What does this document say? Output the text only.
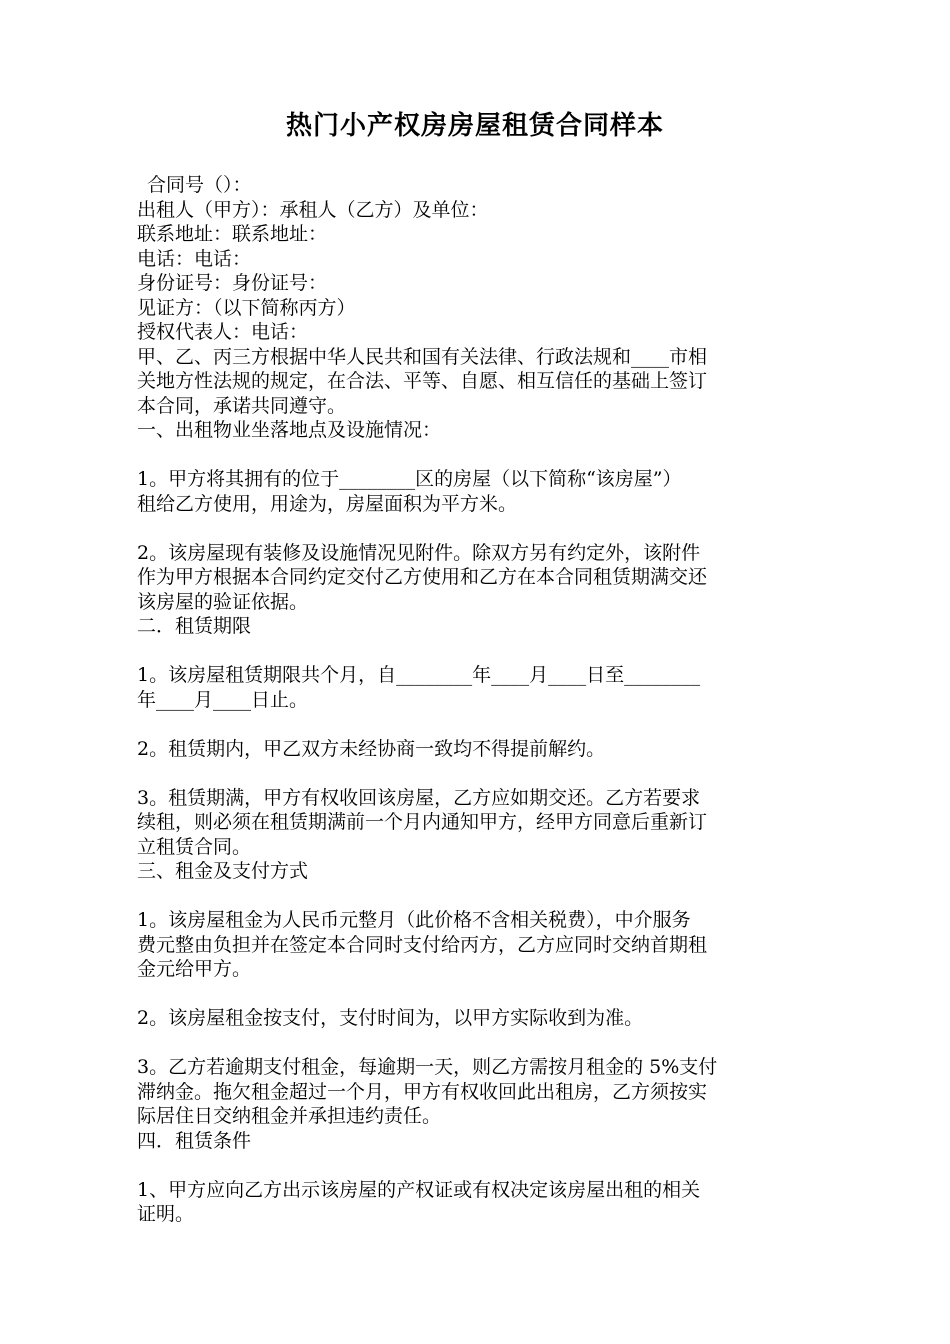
热门小产权房房屋租赁合同样本
合同号（）：
出租人（甲方）：承租人（乙方）及单位：
联系地址：联系地址：
电话：电话：
身份证号：身份证号：
见证方：（以下简称丙方）
授权代表人：电话：
甲、乙、丙三方根据中华人民共和国有关法律、行政法规和____市相
关地方性法规的规定，在合法、平等、自愿、相互信任的基础上签订
本合同，承诺共同遵守。
一、出租物业坐落地点及设施情况：
1。甲方将其拥有的位于________区的房屋（以下简称“该房屋”）
租给乙方使用，用途为，房屋面积为平方米。
2。该房屋现有装修及设施情况见附件。除双方另有约定外，该附件
作为甲方根据本合同约定交付乙方使用和乙方在本合同租赁期满交还
该房屋的验证依据。
二．租赁期限
1。该房屋租赁期限共个月，自________年____月____日至________
年____月____日止。
2。租赁期内，甲乙双方未经协商一致均不得提前解约。
3。租赁期满，甲方有权收回该房屋，乙方应如期交还。乙方若要求
续租，则必须在租赁期满前一个月内通知甲方，经甲方同意后重新订
立租赁合同。
三、租金及支付方式
1。该房屋租金为人民币元整月（此价格不含相关税费），中介服务
费元整由负担并在签定本合同时支付给丙方，乙方应同时交纳首期租
金元给甲方。
2。该房屋租金按支付，支付时间为，以甲方实际收到为准。
3。乙方若逾期支付租金，每逾期一天，则乙方需按月租金的 5%支付
滞纳金。拖欠租金超过一个月，甲方有权收回此出租房，乙方须按实
际居住日交纳租金并承担违约责任。
四．租赁条件
1、甲方应向乙方出示该房屋的产权证或有权决定该房屋出租的相关
证明。
